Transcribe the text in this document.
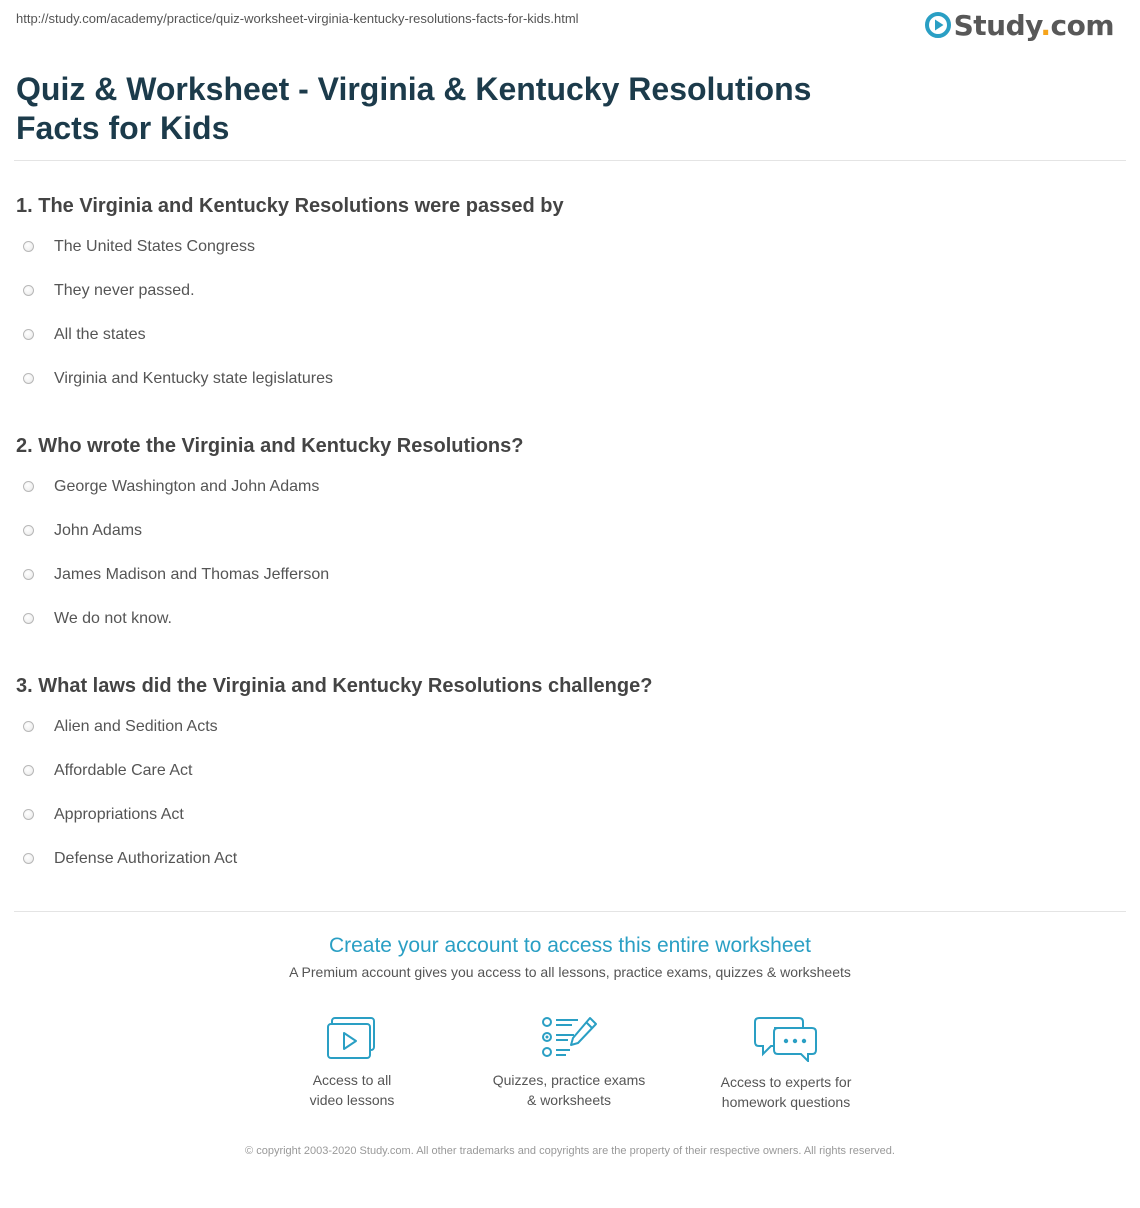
http://study.com/academy/practice/quiz-worksheet-virginia-kentucky-resolutions-facts-for-kids.html	Study.com
Quiz & Worksheet - Virginia & Kentucky Resolutions Facts for Kids
1. The Virginia and Kentucky Resolutions were passed by
The United States Congress
They never passed.
All the states
Virginia and Kentucky state legislatures
2. Who wrote the Virginia and Kentucky Resolutions?
George Washington and John Adams
John Adams
James Madison and Thomas Jefferson
We do not know.
3. What laws did the Virginia and Kentucky Resolutions challenge?
Alien and Sedition Acts
Affordable Care Act
Appropriations Act
Defense Authorization Act
Create your account to access this entire worksheet
A Premium account gives you access to all lessons, practice exams, quizzes & worksheets
Access to all
video lessons
Quizzes, practice exams
& worksheets
Access to experts for
homework questions
© copyright 2003-2020 Study.com. All other trademarks and copyrights are the property of their respective owners. All rights reserved.
